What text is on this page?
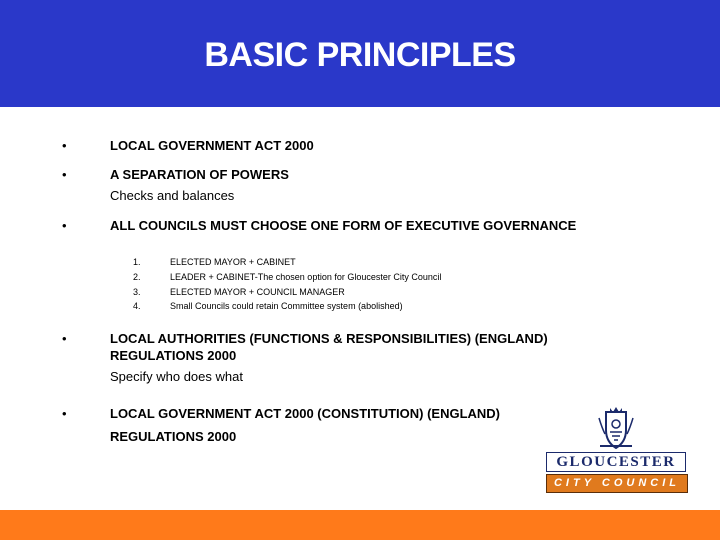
BASIC PRINCIPLES
•	LOCAL GOVERNMENT ACT 2000
•	A SEPARATION OF POWERS
Checks and balances
•	ALL COUNCILS MUST CHOOSE ONE FORM OF EXECUTIVE GOVERNANCE
1.	ELECTED MAYOR + CABINET
2.	LEADER + CABINET-The chosen option for Gloucester City Council
3.	ELECTED MAYOR + COUNCIL MANAGER
4.	Small Councils could retain Committee system (abolished)
•	LOCAL AUTHORITIES (FUNCTIONS & RESPONSIBILITIES) (ENGLAND)
REGULATIONS 2000
Specify who does what
•	LOCAL GOVERNMENT ACT 2000 (CONSTITUTION) (ENGLAND)
REGULATIONS 2000
GLOUCESTER
CITY COUNCIL
